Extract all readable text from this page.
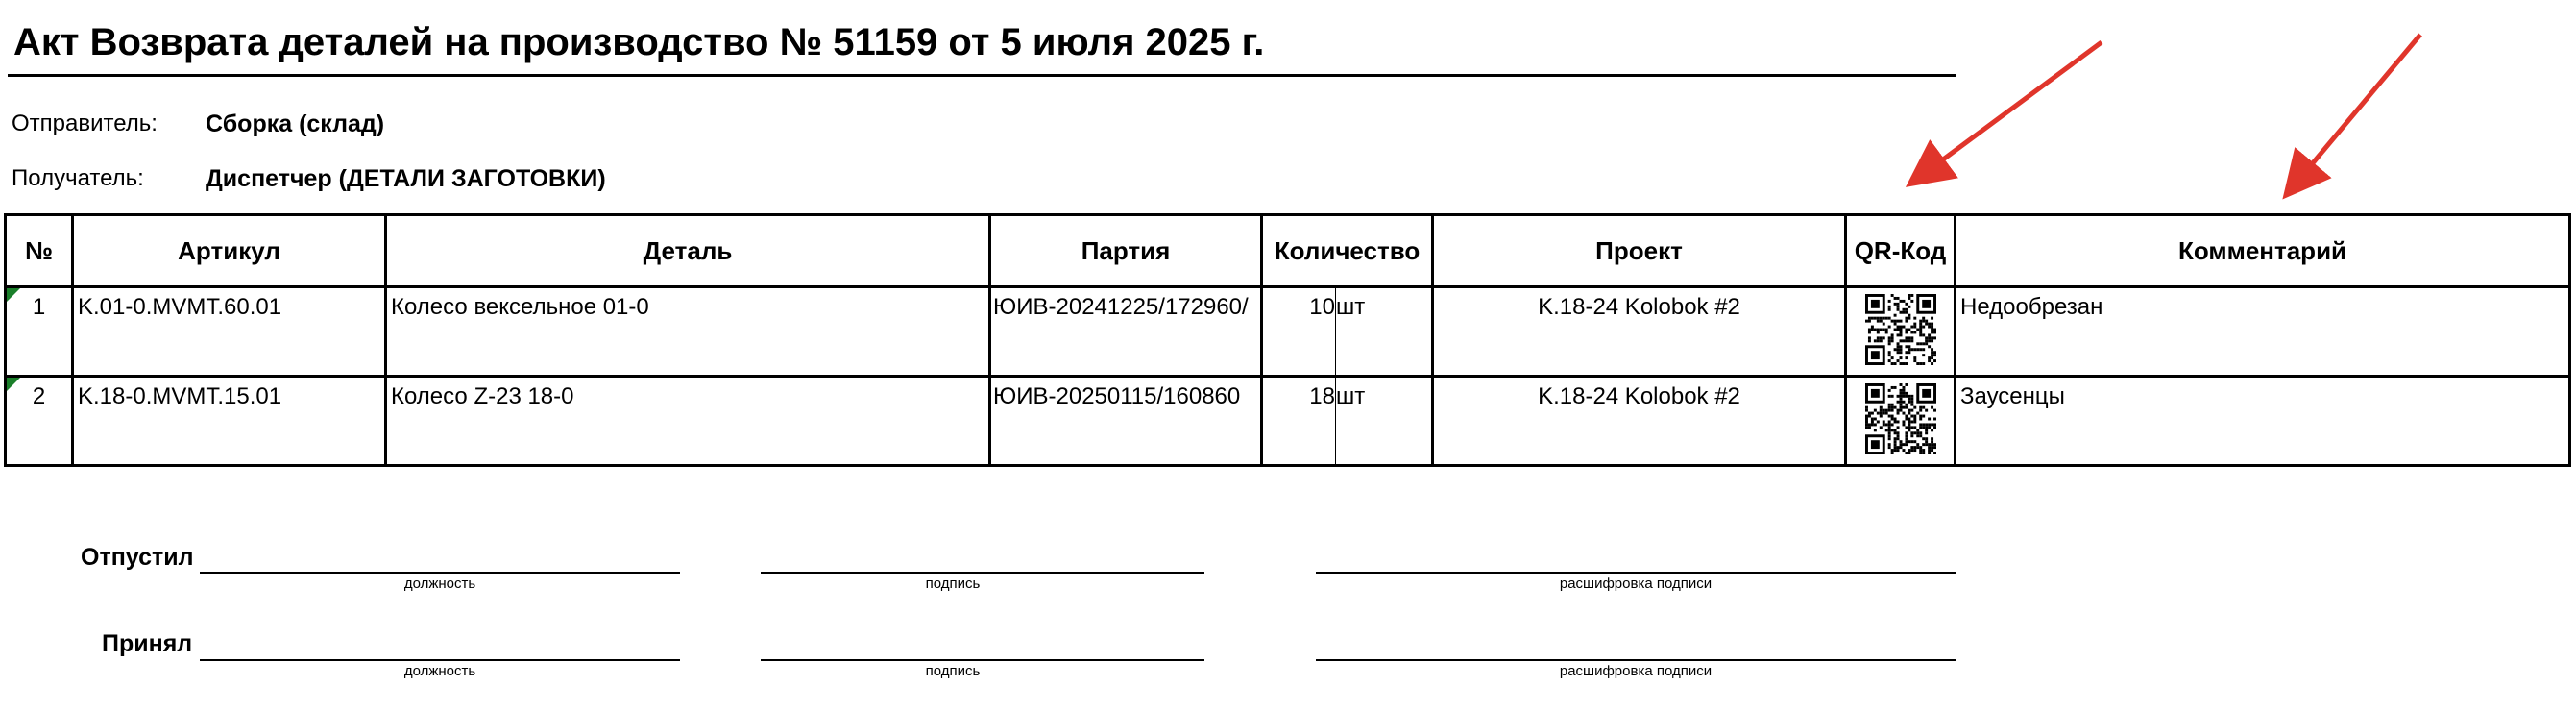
Акт Возврата деталей на производство № 51159 от 5 июля 2025 г.
Отправитель: Сборка (склад)
Получатель:	Диспетчер (ДЕТАЛИ ЗАГОТОВКИ)
№	Артикул	Деталь	Партия	Количество		Проект	QR-Код	Комментарий

1	K.01-0.MVMT.60.01	Колесо вексельное 01-0	ЮИВ-20241225/172960/	10	шт	K.18-24 Kolobok #2		Недообрезан

2	K.18-0.MVMT.15.01	Колесо Z-23 18-0	ЮИВ-20250115/160860	18	шт	K.18-24 Kolobok #2		Заусенцы
Отпустил
должность	подпись	расшифровка подписи
Принял
должность	подпись	расшифровка подписи
